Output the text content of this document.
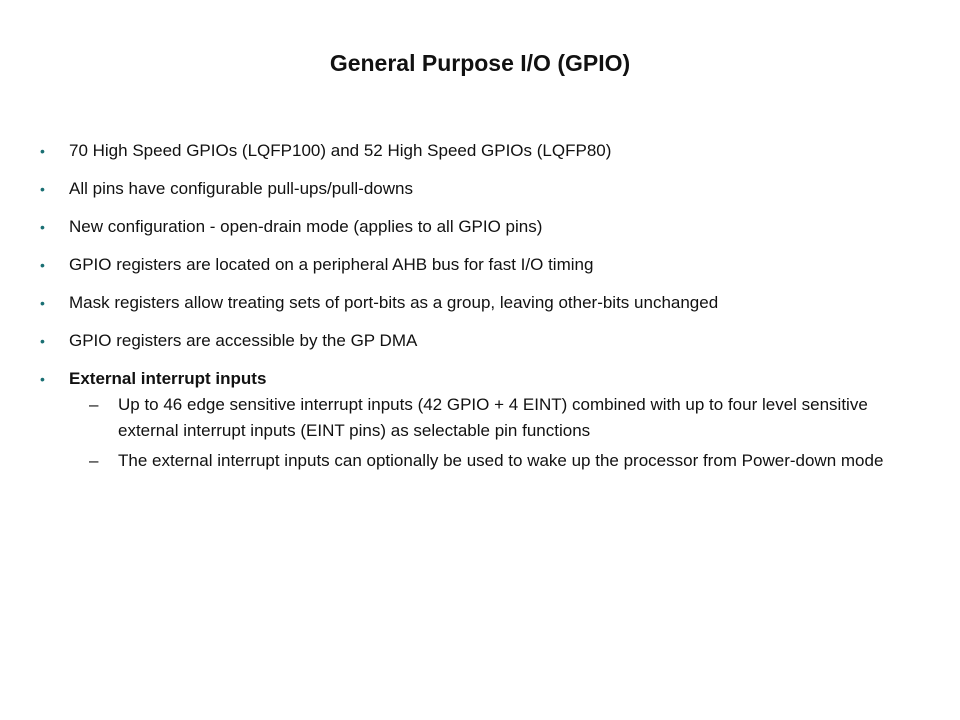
General Purpose I/O (GPIO)
• 70 High Speed GPIOs (LQFP100) and 52 High Speed GPIOs (LQFP80)
• All pins have configurable pull-ups/pull-downs
• New configuration - open-drain mode (applies to all GPIO pins)
• GPIO registers are located on a peripheral AHB bus for fast I/O timing
• Mask registers allow treating sets of port-bits as a group, leaving other-bits unchanged
• GPIO registers are accessible by the GP DMA
• External interrupt inputs
– Up to 46 edge sensitive interrupt inputs (42 GPIO + 4 EINT) combined with up to four level sensitive external interrupt inputs (EINT pins) as selectable pin functions
– The external interrupt inputs can optionally be used to wake up the processor from Power-down mode
